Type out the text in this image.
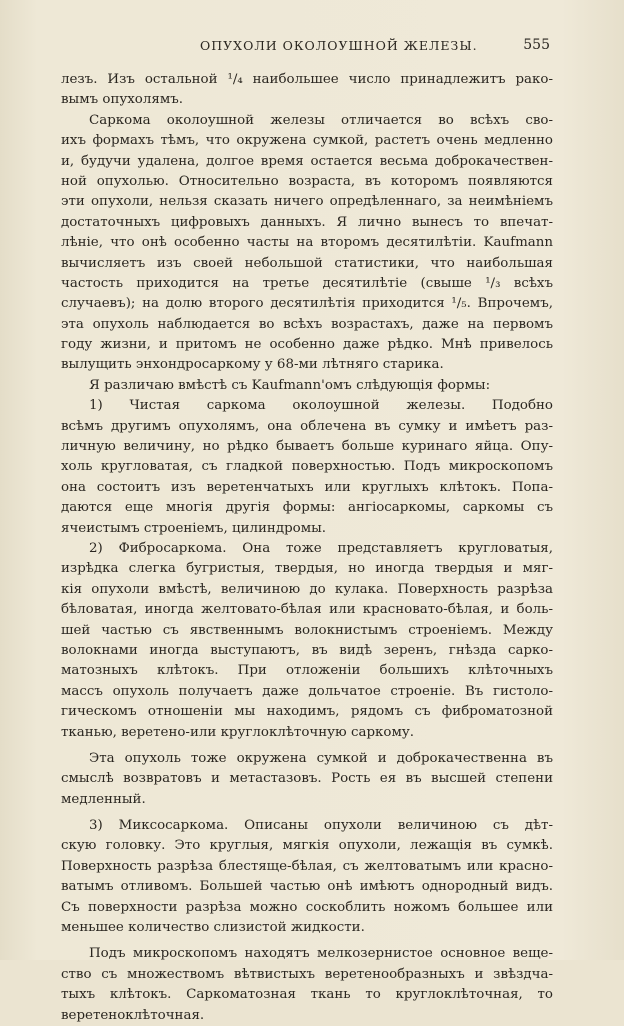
ОПУХОЛИ ОКОЛОУШНОЙ ЖЕЛЕЗЫ.	555
лезъ. Изъ остальной ¹/₄ наибольшее число принадлежитъ рако-
вымъ опухолямъ.
Саркома околоушной железы отличается во всѣхъ сво-
ихъ формахъ тѣмъ, что окружена сумкой, растетъ очень медленно
и, будучи удалена, долгое время остается весьма доброкачествен-
ной опухолью. Относительно возраста, въ которомъ появляются
эти опухоли, нельзя сказать ничего опредѣленнаго, за неимѣніемъ
достаточныхъ цифровыхъ данныхъ. Я лично вынесъ то впечат-
лѣніе, что онѣ особенно часты на второмъ десятилѣтіи. Kaufmann
вычисляетъ изъ своей небольшой статистики, что наибольшая
частость приходится на третье десятилѣтіе (свыше ¹/₃ всѣхъ
случаевъ); на долю второго десятилѣтія приходится ¹/₅. Впрочемъ,
эта опухоль наблюдается во всѣхъ возрастахъ, даже на первомъ
году жизни, и притомъ не особенно даже рѣдко. Мнѣ привелось
вылущить энхондросаркому у 68-ми лѣтняго старика.
Я различаю вмѣстѣ съ Kaufmann'омъ слѣдующія формы:
1) Чистая саркома околоушной железы. Подобно
всѣмъ другимъ опухолямъ, она облечена въ сумку и имѣетъ раз-
личную величину, но рѣдко бываетъ больше куринаго яйца. Опу-
холь кругловатая, съ гладкой поверхностью. Подъ микроскопомъ
она состоитъ изъ веретенчатыхъ или круглыхъ клѣтокъ. Попа-
даются еще многія другія формы: ангіосаркомы, саркомы съ
ячеистымъ строеніемъ, цилиндромы.
2) Фибросаркома. Она тоже представляетъ кругловатыя,
изрѣдка слегка бугристыя, твердыя, но иногда твердыя и мяг-
кія опухоли вмѣстѣ, величиною до кулака. Поверхность разрѣза
бѣловатая, иногда желтовато-бѣлая или красновато-бѣлая, и боль-
шей частью съ явственнымъ волокнистымъ строеніемъ. Между
волокнами иногда выступаютъ, въ видѣ зеренъ, гнѣзда сарко-
матозныхъ клѣтокъ. При отложеніи большихъ клѣточныхъ
массъ опухоль получаетъ даже дольчатое строеніе. Въ гистоло-
гическомъ отношеніи мы находимъ, рядомъ съ фиброматозной
тканью, веретено-или круглоклѣточную саркому.
Эта опухоль тоже окружена сумкой и доброкачественна въ
смыслѣ возвратовъ и метастазовъ. Рость ея въ высшей степени
медленный.
3) Миксосаркома. Описаны опухоли величиною съ дѣт-
скую головку. Это круглыя, мягкія опухоли, лежащія въ сумкѣ.
Поверхность разрѣза блестяще-бѣлая, съ желтоватымъ или красно-
ватымъ отливомъ. Большей частью онѣ имѣютъ однородный видъ.
Съ поверхности разрѣза можно соскоблить ножомъ большее или
меньшее количество слизистой жидкости.
Подъ микроскопомъ находятъ мелкозернистое основное веще-
ство съ множествомъ вѣтвистыхъ веретенообразныхъ и звѣздча-
тыхъ клѣтокъ. Саркоматозная ткань то круглоклѣточная, то
веретеноклѣточная.
